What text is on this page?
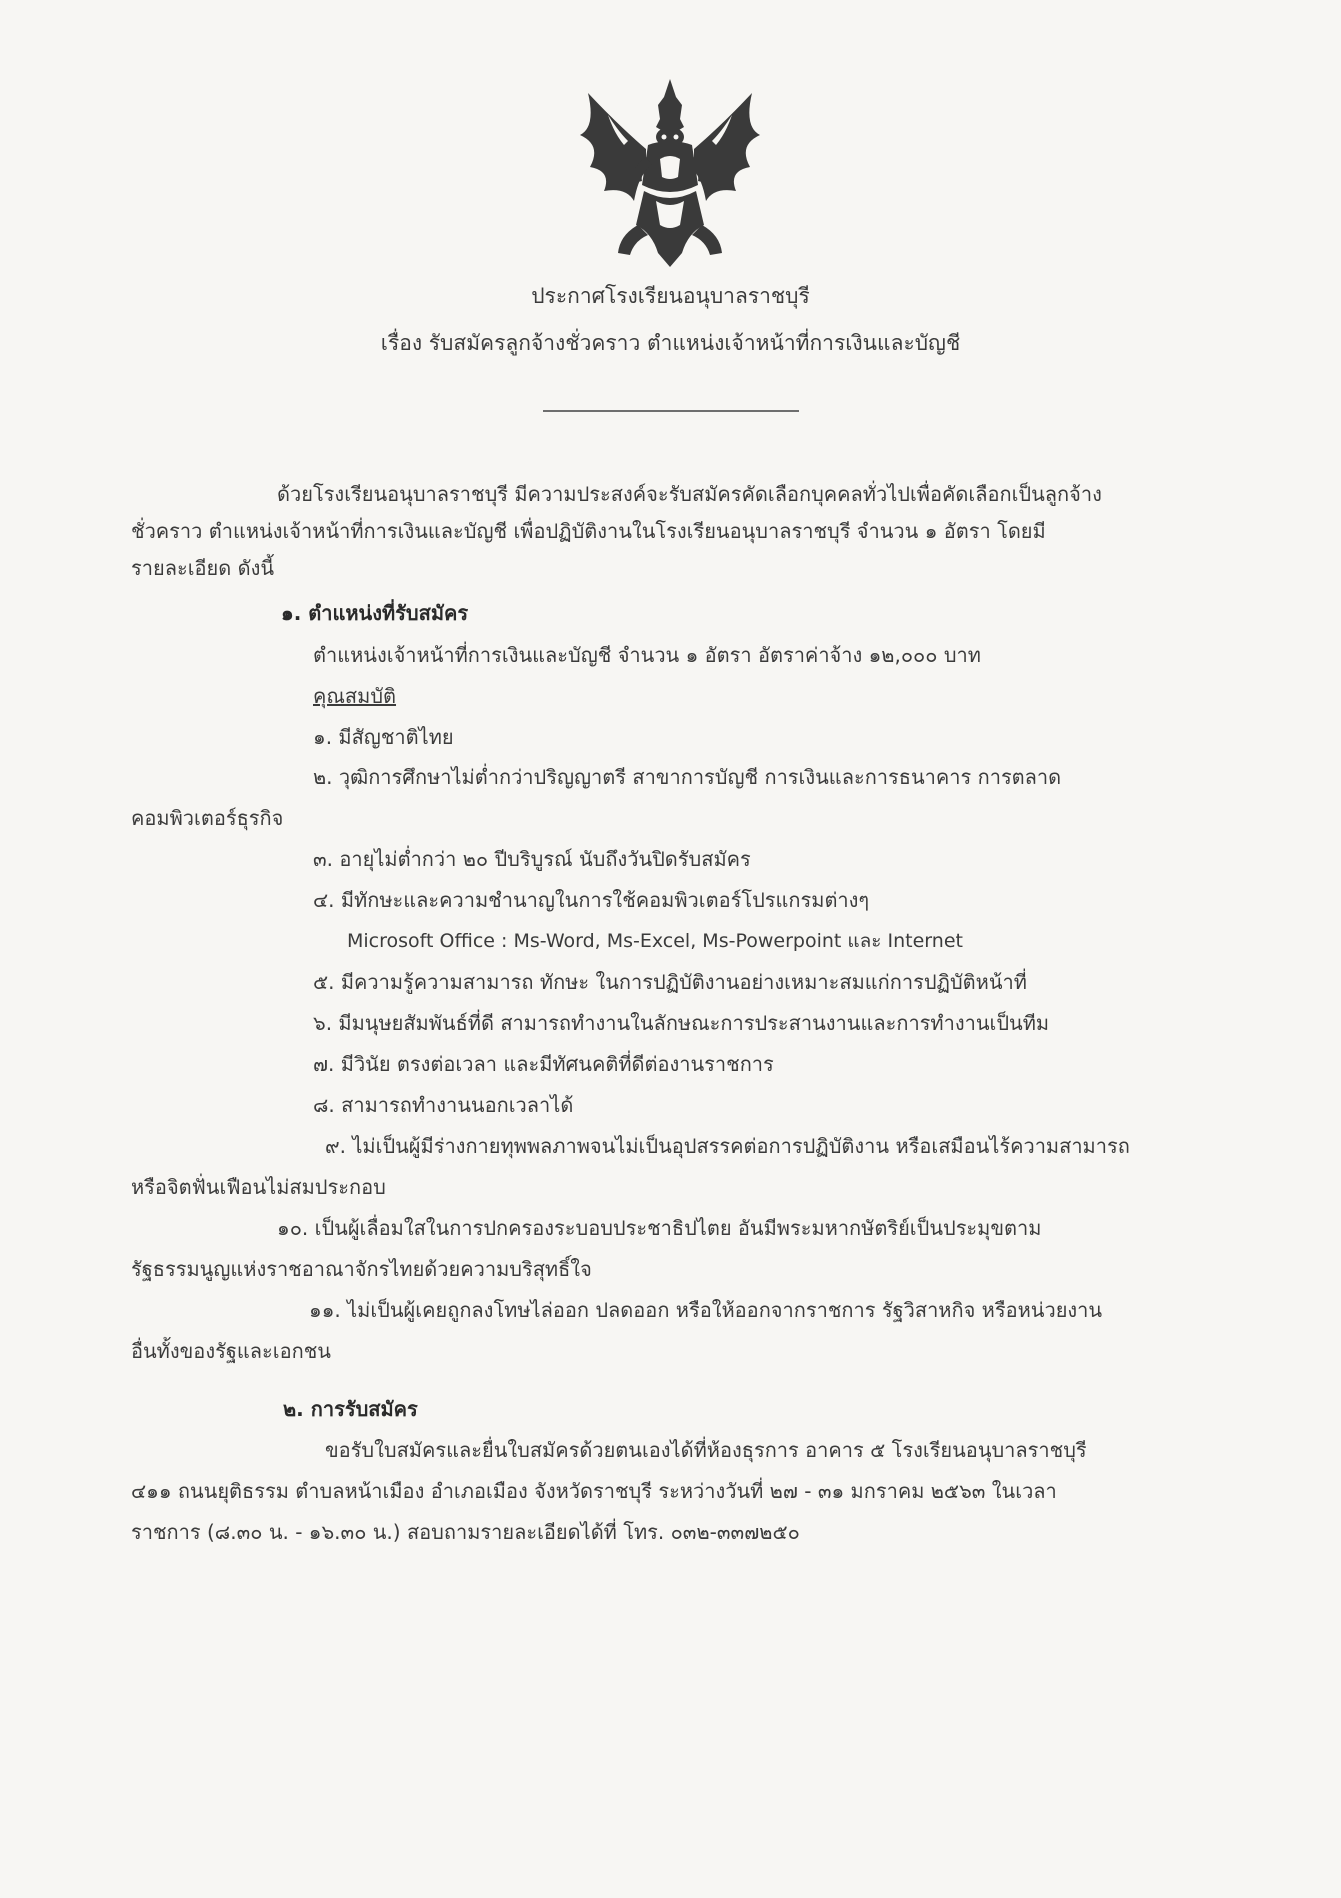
ประกาศโรงเรียนอนุบาลราชบุรี
เรื่อง รับสมัครลูกจ้างชั่วคราว ตำแหน่งเจ้าหน้าที่การเงินและบัญชี
ด้วยโรงเรียนอนุบาลราชบุรี มีความประสงค์จะรับสมัครคัดเลือกบุคคลทั่วไปเพื่อคัดเลือกเป็นลูกจ้าง
ชั่วคราว ตำแหน่งเจ้าหน้าที่การเงินและบัญชี เพื่อปฏิบัติงานในโรงเรียนอนุบาลราชบุรี จำนวน ๑ อัตรา โดยมี
รายละเอียด ดังนี้
๑. ตำแหน่งที่รับสมัคร
ตำแหน่งเจ้าหน้าที่การเงินและบัญชี จำนวน ๑ อัตรา อัตราค่าจ้าง ๑๒,๐๐๐ บาท
คุณสมบัติ
๑. มีสัญชาติไทย
๒. วุฒิการศึกษาไม่ต่ำกว่าปริญญาตรี สาขาการบัญชี การเงินและการธนาคาร การตลาด
คอมพิวเตอร์ธุรกิจ
๓. อายุไม่ต่ำกว่า ๒๐ ปีบริบูรณ์ นับถึงวันปิดรับสมัคร
๔. มีทักษะและความชำนาญในการใช้คอมพิวเตอร์โปรแกรมต่างๆ
Microsoft Office : Ms-Word, Ms-Excel, Ms-Powerpoint และ Internet
๕. มีความรู้ความสามารถ ทักษะ ในการปฏิบัติงานอย่างเหมาะสมแก่การปฏิบัติหน้าที่
๖. มีมนุษยสัมพันธ์ที่ดี สามารถทำงานในลักษณะการประสานงานและการทำงานเป็นทีม
๗. มีวินัย ตรงต่อเวลา และมีทัศนคติที่ดีต่องานราชการ
๘. สามารถทำงานนอกเวลาได้
๙. ไม่เป็นผู้มีร่างกายทุพพลภาพจนไม่เป็นอุปสรรคต่อการปฏิบัติงาน หรือเสมือนไร้ความสามารถ
หรือจิตฟั่นเฟือนไม่สมประกอบ
๑๐. เป็นผู้เลื่อมใสในการปกครองระบอบประชาธิปไตย อันมีพระมหากษัตริย์เป็นประมุขตาม
รัฐธรรมนูญแห่งราชอาณาจักรไทยด้วยความบริสุทธิ์ใจ
๑๑. ไม่เป็นผู้เคยถูกลงโทษไล่ออก ปลดออก หรือให้ออกจากราชการ รัฐวิสาหกิจ หรือหน่วยงาน
อื่นทั้งของรัฐและเอกชน
๒. การรับสมัคร
ขอรับใบสมัครและยื่นใบสมัครด้วยตนเองได้ที่ห้องธุรการ อาคาร ๕ โรงเรียนอนุบาลราชบุรี
๔๑๑ ถนนยุติธรรม ตำบลหน้าเมือง อำเภอเมือง จังหวัดราชบุรี ระหว่างวันที่ ๒๗ - ๓๑ มกราคม ๒๕๖๓ ในเวลา
ราชการ (๘.๓๐ น. - ๑๖.๓๐ น.) สอบถามรายละเอียดได้ที่ โทร. ๐๓๒-๓๓๗๒๕๐
